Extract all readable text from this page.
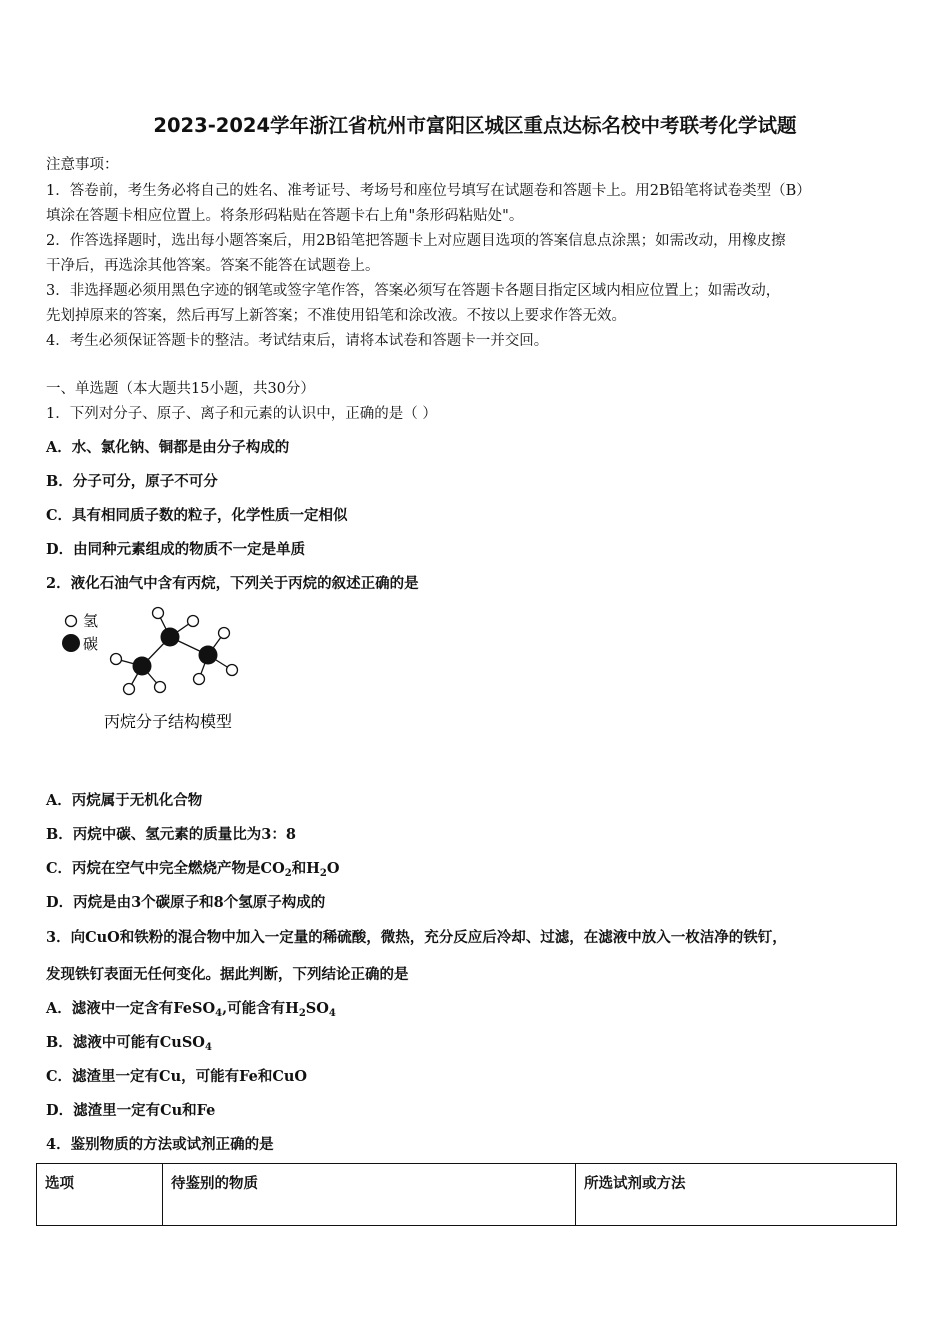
2023-2024学年浙江省杭州市富阳区城区重点达标名校中考联考化学试题
注意事项：
1．答卷前，考生务必将自己的姓名、准考证号、考场号和座位号填写在试题卷和答题卡上。用2B铅笔将试卷类型（B）
填涂在答题卡相应位置上。将条形码粘贴在答题卡右上角"条形码粘贴处"。
2．作答选择题时，选出每小题答案后，用2B铅笔把答题卡上对应题目选项的答案信息点涂黑；如需改动，用橡皮擦
干净后，再选涂其他答案。答案不能答在试题卷上。
3．非选择题必须用黑色字迹的钢笔或签字笔作答，答案必须写在答题卡各题目指定区域内相应位置上；如需改动，
先划掉原来的答案，然后再写上新答案；不准使用铅笔和涂改液。不按以上要求作答无效。
4．考生必须保证答题卡的整洁。考试结束后，请将本试卷和答题卡一并交回。
一、单选题（本大题共15小题，共30分）
1．下列对分子、原子、离子和元素的认识中，正确的是（ ）
A．水、氯化钠、铜都是由分子构成的
B．分子可分，原子不可分
C．具有相同质子数的粒子，化学性质一定相似
D．由同种元素组成的物质不一定是单质
2．液化石油气中含有丙烷，下列关于丙烷的叙述正确的是
氢
碳
丙烷分子结构模型
A．丙烷属于无机化合物
B．丙烷中碳、氢元素的质量比为3：8
C．丙烷在空气中完全燃烧产物是$CO_2$和$H_2O$
D．丙烷是由3个碳原子和8个氢原子构成的
3．向CuO和铁粉的混合物中加入一定量的稀硫酸，微热，充分反应后冷却、过滤，在滤液中放入一枚洁净的铁钉，
发现铁钉表面无任何变化。据此判断，下列结论正确的是
A．滤液中一定含有FeSO$_4$,可能含有$H_2SO_4$
B．滤液中可能有CuSO$_4$
C．滤渣里一定有Cu，可能有Fe和CuO
D．滤渣里一定有Cu和Fe
4．鉴别物质的方法或试剂正确的是
选项	待鉴别的物质	所选试剂或方法
